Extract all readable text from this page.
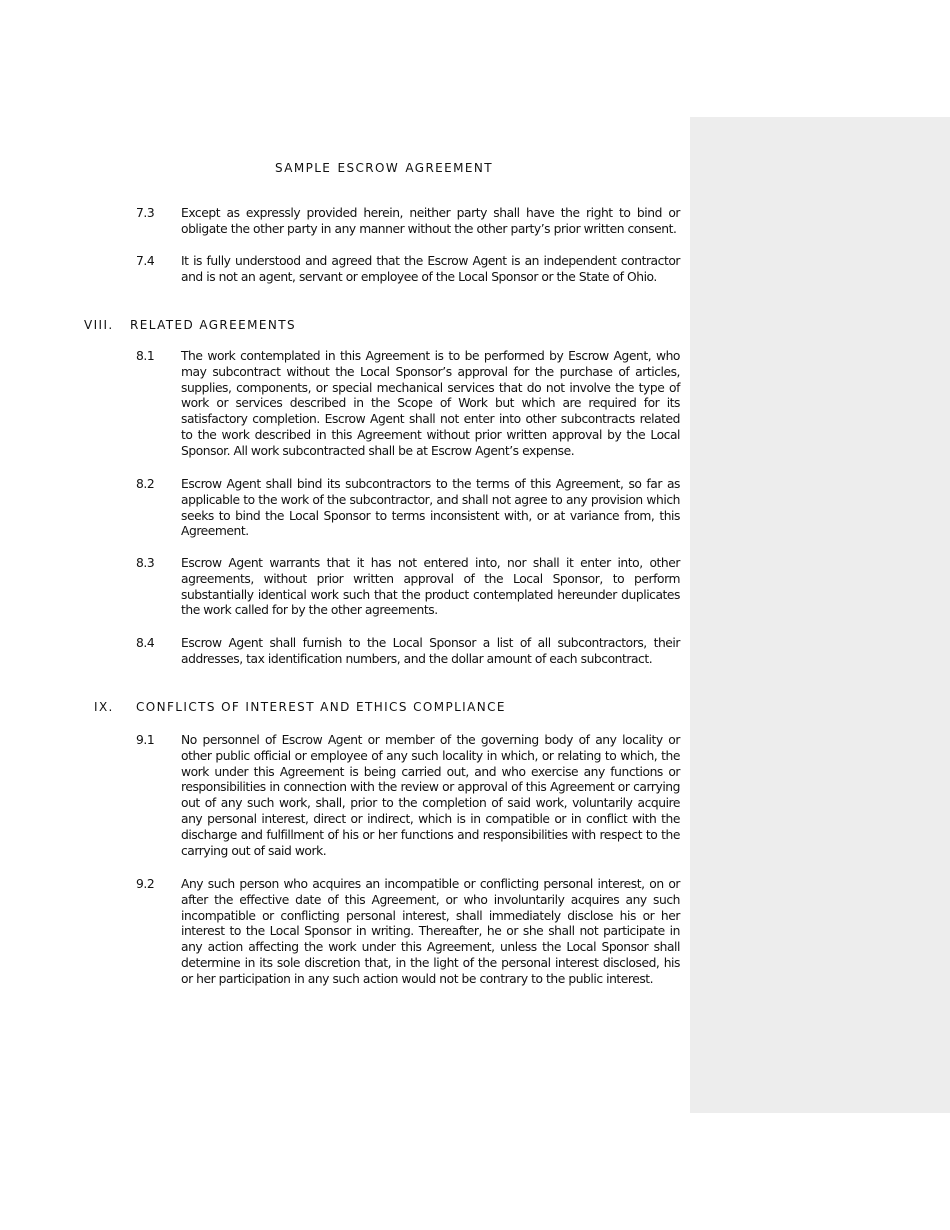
SAMPLE ESCROW AGREEMENT
7.3 Except as expressly provided herein, neither party shall have the right to bind or obligate the other party in any manner without the other party’s prior written consent.
7.4 It is fully understood and agreed that the Escrow Agent is an independent contractor and is not an agent, servant or employee of the Local Sponsor or the State of Ohio.
VIII. RELATED AGREEMENTS
8.1 The work contemplated in this Agreement is to be performed by Escrow Agent, who may subcontract without the Local Sponsor’s approval for the purchase of articles, supplies, components, or special mechanical services that do not involve the type of work or services described in the Scope of Work but which are required for its satisfactory completion. Escrow Agent shall not enter into other subcontracts related to the work described in this Agreement without prior written approval by the Local Sponsor. All work subcontracted shall be at Escrow Agent’s expense.
8.2 Escrow Agent shall bind its subcontractors to the terms of this Agreement, so far as applicable to the work of the subcontractor, and shall not agree to any provision which seeks to bind the Local Sponsor to terms inconsistent with, or at variance from, this Agreement.
8.3 Escrow Agent warrants that it has not entered into, nor shall it enter into, other agreements, without prior written approval of the Local Sponsor, to perform substantially identical work such that the product contemplated hereunder duplicates the work called for by the other agreements.
8.4 Escrow Agent shall furnish to the Local Sponsor a list of all subcontractors, their addresses, tax identification numbers, and the dollar amount of each subcontract.
IX. CONFLICTS OF INTEREST AND ETHICS COMPLIANCE
9.1 No personnel of Escrow Agent or member of the governing body of any locality or other public official or employee of any such locality in which, or relating to which, the work under this Agreement is being carried out, and who exercise any functions or responsibilities in connection with the review or approval of this Agreement or carrying out of any such work, shall, prior to the completion of said work, voluntarily acquire any personal interest, direct or indirect, which is in compatible or in conflict with the discharge and fulfillment of his or her functions and responsibilities with respect to the carrying out of said work.
9.2 Any such person who acquires an incompatible or conflicting personal interest, on or after the effective date of this Agreement, or who involuntarily acquires any such incompatible or conflicting personal interest, shall immediately disclose his or her interest to the Local Sponsor in writing. Thereafter, he or she shall not participate in any action affecting the work under this Agreement, unless the Local Sponsor shall determine in its sole discretion that, in the light of the personal interest disclosed, his or her participation in any such action would not be contrary to the public interest.
